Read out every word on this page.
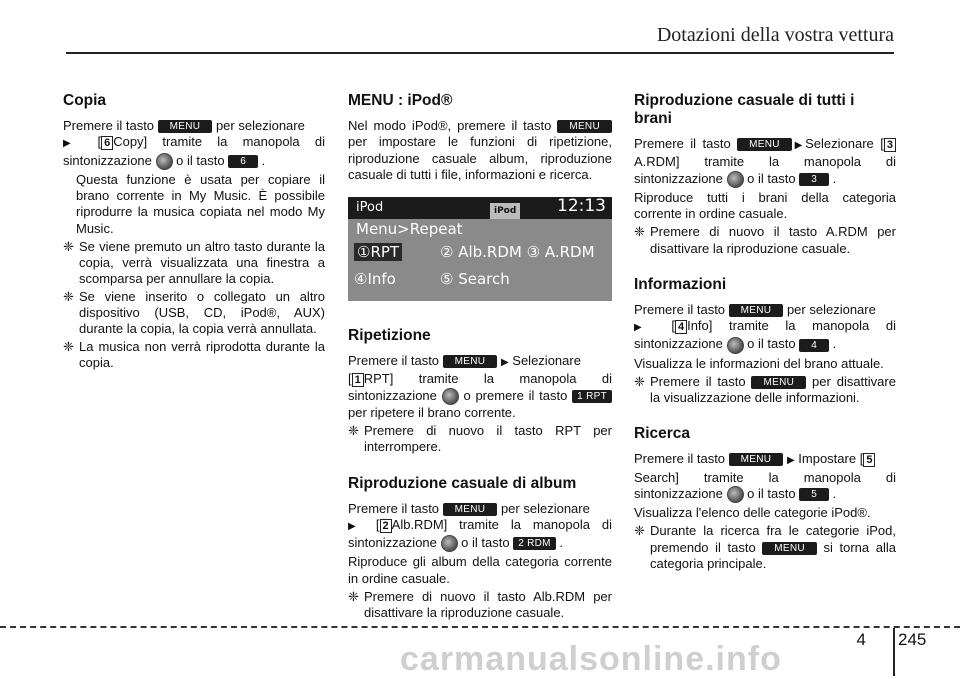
Dotazioni della vostra vettura
Copia

Premere il tasto MENU per selezionare
▶ [ 6 Copy] tramite la manopola di sintonizzazione o il tasto 6 .

Questa funzione è usata per copiare il brano corrente in My Music. È possibile riprodurre la musica copiata nel modo My Music.

❈ Se viene premuto un altro tasto durante la copia, verrà visualizzata una finestra a scomparsa per annullare la copia.
❈ Se viene inserito o collegato un altro dispositivo (USB, CD, iPod®, AUX) durante la copia, la copia verrà annullata.
❈ La musica non verrà riprodotta durante la copia.
MENU : iPod®

Nel modo iPod®, premere il tasto MENU per impostare le funzioni di ripetizione, riproduzione casuale album, riproduzione casuale di tutti i file, informazioni e ricerca.

iPod	iPod 12:13
Menu>Repeat
①RPT	② Alb.RDM ③ A.RDM
④Info	⑤ Search
Ripetizione

Premere il tasto MENU ▶ Selezionare
[ 1 RPT] tramite la manopola di sintonizzazione o premere il tasto 1 RPT per ripetere il brano corrente.

❈ Premere di nuovo il tasto RPT per interrompere.
Riproduzione casuale di album

Premere il tasto MENU per selezionare
▶ [ 2 Alb.RDM] tramite la manopola di sintonizzazione o il tasto 2 RDM .

Riproduce gli album della categoria corrente in ordine casuale.

❈ Premere di nuovo il tasto Alb.RDM per disattivare la riproduzione casuale.
Riproduzione casuale di tutti i brani

Premere il tasto MENU ▶Selezionare [ 3A.RDM] tramite la manopola di sintonizzazione o il tasto 3 .

Riproduce tutti i brani della categoria corrente in ordine casuale.

❈ Premere di nuovo il tasto A.RDM per disattivare la riproduzione casuale.
Informazioni

Premere il tasto MENU per selezionare
▶ [ 4 Info] tramite la manopola di sintonizzazione o il tasto 4 .

Visualizza le informazioni del brano attuale.

❈ Premere il tasto MENU per disattivare la visualizzazione delle informazioni.
Ricerca

Premere il tasto MENU ▶ Impostare [ 5
Search] tramite la manopola di sintonizzazione o il tasto 5 .

Visualizza l'elenco delle categorie iPod®.

❈ Durante la ricerca fra le categorie iPod, premendo il tasto MENU si torna alla categoria principale.
4 245
carmanualsonline.info
